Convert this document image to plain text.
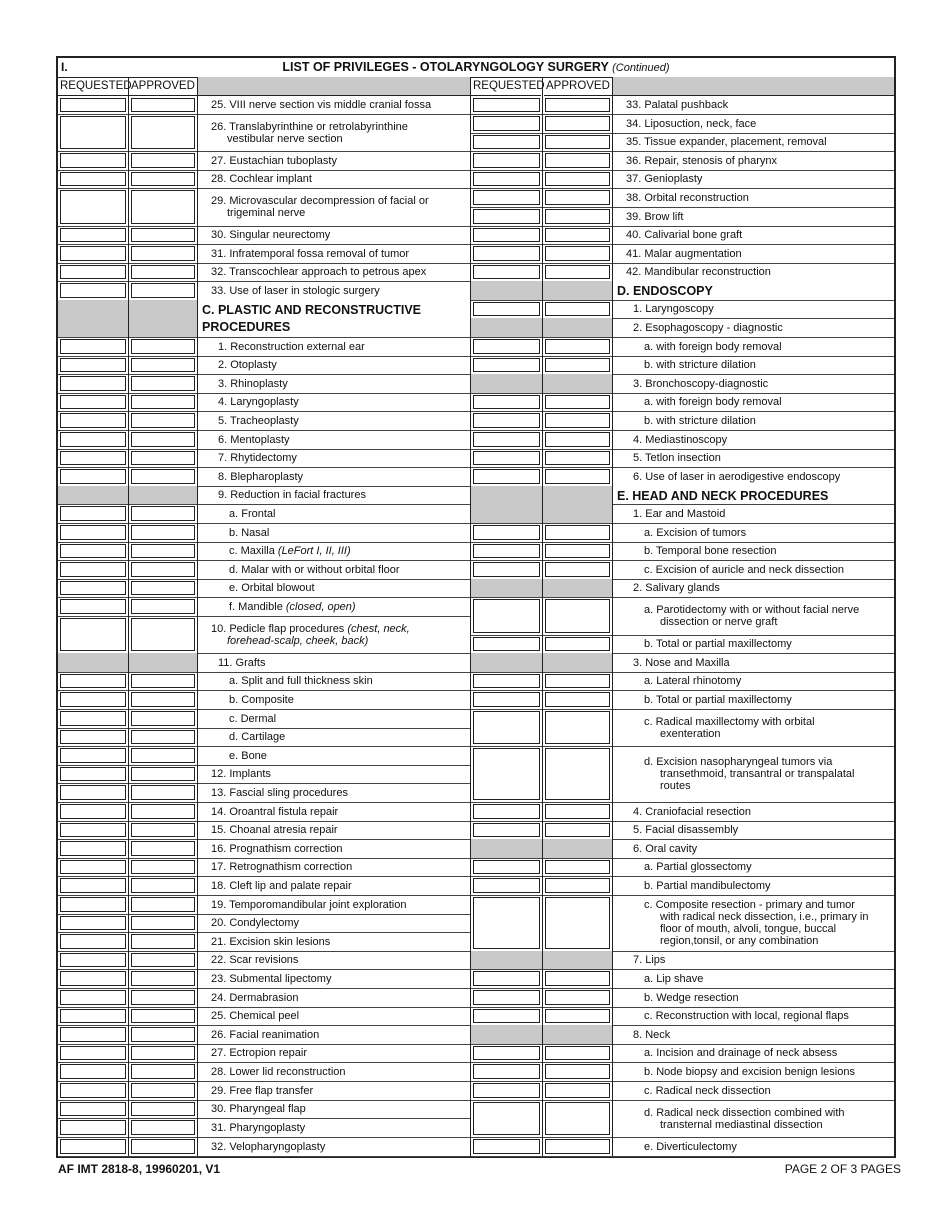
I.	LIST OF PRIVILEGES - OTOLARYNGOLOGY SURGERY (Continued)
REQUESTED APPROVED	REQUESTED APPROVED
25. VIII nerve section vis middle cranial fossa
26. Translabyrinthine or retrolabyrinthine
vestibular nerve section
27. Eustachian tuboplasty
28. Cochlear implant
29. Microvascular decompression of facial or
trigeminal nerve
30. Singular neurectomy
31. Infratemporal fossa removal of tumor
32. Transcochlear approach to petrous apex
33. Use of laser in stologic surgery
C. PLASTIC AND RECONSTRUCTIVE
PROCEDURES
1. Reconstruction external ear
2. Otoplasty
3. Rhinoplasty
4. Laryngoplasty
5. Tracheoplasty
6. Mentoplasty
7. Rhytidectomy
8. Blepharoplasty
9. Reduction in facial fractures
a. Frontal
b. Nasal
c. Maxilla (LeFort I, II, III)
d. Malar with or without orbital floor
e. Orbital blowout
f. Mandible (closed, open)
10. Pedicle flap procedures (chest, neck,
forehead-scalp, cheek, back)
11. Grafts
a. Split and full thickness skin
b. Composite
c. Dermal
d. Cartilage
e. Bone
12. Implants
13. Fascial sling procedures
14. Oroantral fistula repair
15. Choanal atresia repair
16. Prognathism correction
17. Retrognathism correction
18. Cleft lip and palate repair
19. Temporomandibular joint exploration
20. Condylectomy
21. Excision skin lesions
22. Scar revisions
23. Submental lipectomy
24. Dermabrasion
25. Chemical peel
26. Facial reanimation
27. Ectropion repair
28. Lower lid reconstruction
29. Free flap transfer
30. Pharyngeal flap
31. Pharyngoplasty
32. Velopharyngoplasty
33. Palatal pushback
34. Liposuction, neck, face
35. Tissue expander, placement, removal
36. Repair, stenosis of pharynx
37. Genioplasty
38. Orbital reconstruction
39. Brow lift
40. Calivarial bone graft
41. Malar augmentation
42. Mandibular reconstruction
D. ENDOSCOPY
1. Laryngoscopy
2. Esophagoscopy - diagnostic
a. with foreign body removal
b. with stricture dilation
3. Bronchoscopy-diagnostic
a. with foreign body removal
b. with stricture dilation
4. Mediastinoscopy
5. Tetlon insection
6. Use of laser in aerodigestive endoscopy
E. HEAD AND NECK PROCEDURES
1. Ear and Mastoid
a. Excision of tumors
b. Temporal bone resection
c. Excision of auricle and neck dissection
2. Salivary glands
a. Parotidectomy with or without facial nerve
dissection or nerve graft
b. Total or partial maxillectomy
3. Nose and Maxilla
a. Lateral rhinotomy
b. Total or partial maxillectomy
c. Radical maxillectomy with orbital
exenteration
d. Excision nasopharyngeal tumors via
transethmoid, transantral or transpalatal
routes
4. Craniofacial resection
5. Facial disassembly
6. Oral cavity
a. Partial glossectomy
b. Partial mandibulectomy
c. Composite resection - primary and tumor
with radical neck dissection, i.e., primary in
floor of mouth, alvoli, tongue, buccal
region,tonsil, or any combination
7. Lips
a. Lip shave
b. Wedge resection
c. Reconstruction with local, regional flaps
8. Neck
a. Incision and drainage of neck absess
b. Node biopsy and excision benign lesions
c. Radical neck dissection
d. Radical neck dissection combined with
transternal mediastinal dissection
e. Diverticulectomy
AF IMT 2818-8, 19960201, V1	PAGE 2 OF 3 PAGES
